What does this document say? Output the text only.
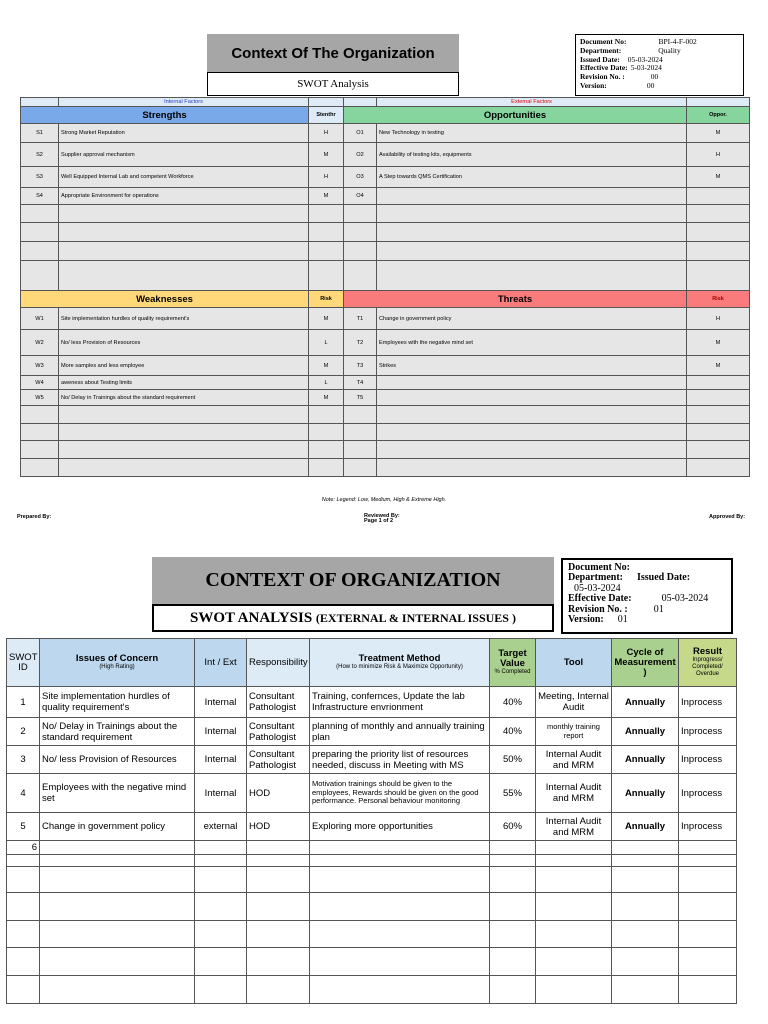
Context Of The Organization
SWOT Analysis
Document No:	BPI-4-F-002
Department:	Quality
Issued Date: 05-03-2024
Effective Date: 5-03-2024
Revision No. :	00
Version:	00
	Internal Factors			External Factors	
Strengths		Stenthr	Opportunities		Oppor.
S1	Strong Market Reputation	H	O1	New Technology in testing	M
S2	Supplier approval mechanism	M	O2	Availability of testing kits, equipments	H
S3	Well Equipped Internal Lab and competent Workforce	H	O3	A Step towards QMS Certification	M
S4	Appropriate Environment for operations	M	O4		

Weaknesses		Risk	Threats		Risk
W1	Site implementation hurdles of quality requirement's	M	T1	Change in government policy	H
W2	No/ less Provision of Resources	L	T2	Employees with the negative mind set	M
W3	More samples and less employee	M	T3	Strikes	M
W4	aweness about Testing limits	L	T4		
W5	No/ Delay in Trainings about the standard requirement	M	T5		

Note: Legend: Low, Medium, High & Extreme High.
Prepared By:	Reviewed By:
Page 1 of 2
Approved By:
CONTEXT OF ORGANIZATION
SWOT ANALYSIS
(EXTERNAL & INTERNAL ISSUES )
Document No:
Department: Issued Date:
05-03-2024
Effective Date:	05-03-2024
Revision No. :	01
Version: 01
SWOT ID	Issues of Concern
(High Rating)	Int / Ext	Responsibility	Treatment Method
(How to minimize Risk & Maximize Opportunity)	Target Value
% Completed	Tool	Cycle of Measurement )	Result
Inprogress/ Completed/ Overdue

1	Site implementation hurdles of quality requirement's	Internal	Consultant Pathologist	Training, confernces, Update the lab Infrastructure envrionment	40%	Meeting, Internal Audit	Annually	Inprocess
2	No/ Delay in Trainings about the standard requirement	Internal	Consultant Pathologist	planning of monthly and annually training plan	40%	monthly training report	Annually	Inprocess
3	No/ less Provision of Resources	Internal	Consultant Pathologist	preparing the priority list of resources needed, discuss in Meeting with MS	50%	Internal Audit and MRM	Annually	Inprocess
4	Employees with the negative mind set	Internal	HOD	Motivation trainings should be given to the employees, Rewards should be given on the good performance. Personal behaviour monitoring	55%	Internal Audit and MRM	Annually	Inprocess
5	Change in government policy	external	HOD	Exploring more opportunities	60%	Internal Audit and MRM	Annually	Inprocess
6								
